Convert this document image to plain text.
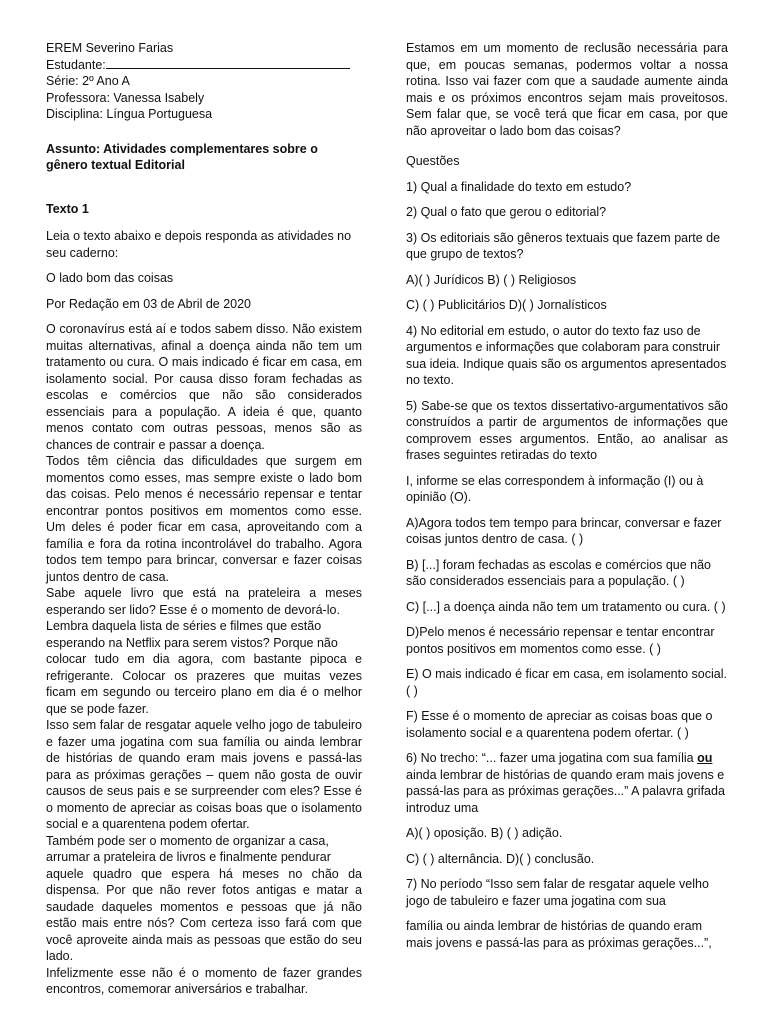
EREM Severino Farias

Estudante:

Série: 2º Ano A

Professora: Vanessa Isabely

Disciplina: Língua Portuguesa

Assunto: Atividades complementares sobre o gênero textual Editorial

Texto 1

Leia o texto abaixo e depois responda as atividades no seu caderno:

O lado bom das coisas

Por Redação em 03 de Abril de 2020

O coronavírus está aí e todos sabem disso. Não existem muitas alternativas, afinal a doença ainda não tem um tratamento ou cura. O mais indicado é ficar em casa, em isolamento social. Por causa disso foram fechadas as escolas e comércios que não são considerados essenciais para a população. A ideia é que, quanto menos contato com outras pessoas, menos são as chances de contrair e passar a doença.

Todos têm ciência das dificuldades que surgem em momentos como esses, mas sempre existe o lado bom das coisas. Pelo menos é necessário repensar e tentar encontrar pontos positivos em momentos como esse. Um deles é poder ficar em casa, aproveitando com a família e fora da rotina incontrolável do trabalho. Agora todos tem tempo para brincar, conversar e fazer coisas juntos dentro de casa.

Sabe aquele livro que está na prateleira a meses esperando ser lido? Esse é o momento de devorá-lo.

Lembra daquela lista de séries e filmes que estão esperando na Netflix para serem vistos? Porque não

colocar tudo em dia agora, com bastante pipoca e refrigerante. Colocar os prazeres que muitas vezes ficam em segundo ou terceiro plano em dia é o melhor que se pode fazer.

Isso sem falar de resgatar aquele velho jogo de tabuleiro e fazer uma jogatina com sua família ou ainda lembrar de histórias de quando eram mais jovens e passá-las para as próximas gerações – quem não gosta de ouvir causos de seus pais e se surpreender com eles? Esse é o momento de apreciar as coisas boas que o isolamento social e a quarentena podem ofertar.

Também pode ser o momento de organizar a casa, arrumar a prateleira de livros e finalmente pendurar

aquele quadro que espera há meses no chão da dispensa. Por que não rever fotos antigas e matar a saudade daqueles momentos e pessoas que já não estão mais entre nós? Com certeza isso fará com que você aproveite ainda mais as pessoas que estão do seu lado.

Infelizmente esse não é o momento de fazer grandes encontros, comemorar aniversários e trabalhar.

Estamos em um momento de reclusão necessária para que, em poucas semanas, podermos voltar a nossa rotina. Isso vai fazer com que a saudade aumente ainda mais e os próximos encontros sejam mais proveitosos. Sem falar que, se você terá que ficar em casa, por que não aproveitar o lado bom das coisas?

Questões

1) Qual a finalidade do texto em estudo?

2) Qual o fato que gerou o editorial?

3) Os editoriais são gêneros textuais que fazem parte de que grupo de textos?

A)( ) Jurídicos B) ( ) Religiosos

C) ( ) Publicitários D)( ) Jornalísticos

4) No editorial em estudo, o autor do texto faz uso de argumentos e informações que colaboram para construir sua ideia. Indique quais são os argumentos apresentados no texto.

5) Sabe-se que os textos dissertativo-argumentativos são construídos a partir de argumentos de informações que comprovem esses argumentos. Então, ao analisar as frases seguintes retiradas do texto

I, informe se elas correspondem à informação (I) ou à opinião (O).

A)Agora todos tem tempo para brincar, conversar e fazer coisas juntos dentro de casa. ( )

B) [...] foram fechadas as escolas e comércios que não são considerados essenciais para a população. ( )

C) [...] a doença ainda não tem um tratamento ou cura. ( )

D)Pelo menos é necessário repensar e tentar encontrar pontos positivos em momentos como esse. ( )

E) O mais indicado é ficar em casa, em isolamento social. ( )

F) Esse é o momento de apreciar as coisas boas que o isolamento social e a quarentena podem ofertar. ( )

6) No trecho: “... fazer uma jogatina com sua família ou ainda lembrar de histórias de quando eram mais jovens e passá-las para as próximas gerações...” A palavra grifada introduz uma

A)( ) oposição. B) ( ) adição.

C) ( ) alternância. D)( ) conclusão.

7) No período “Isso sem falar de resgatar aquele velho jogo de tabuleiro e fazer uma jogatina com sua

família ou ainda lembrar de histórias de quando eram mais jovens e passá-las para as próximas gerações...”,
